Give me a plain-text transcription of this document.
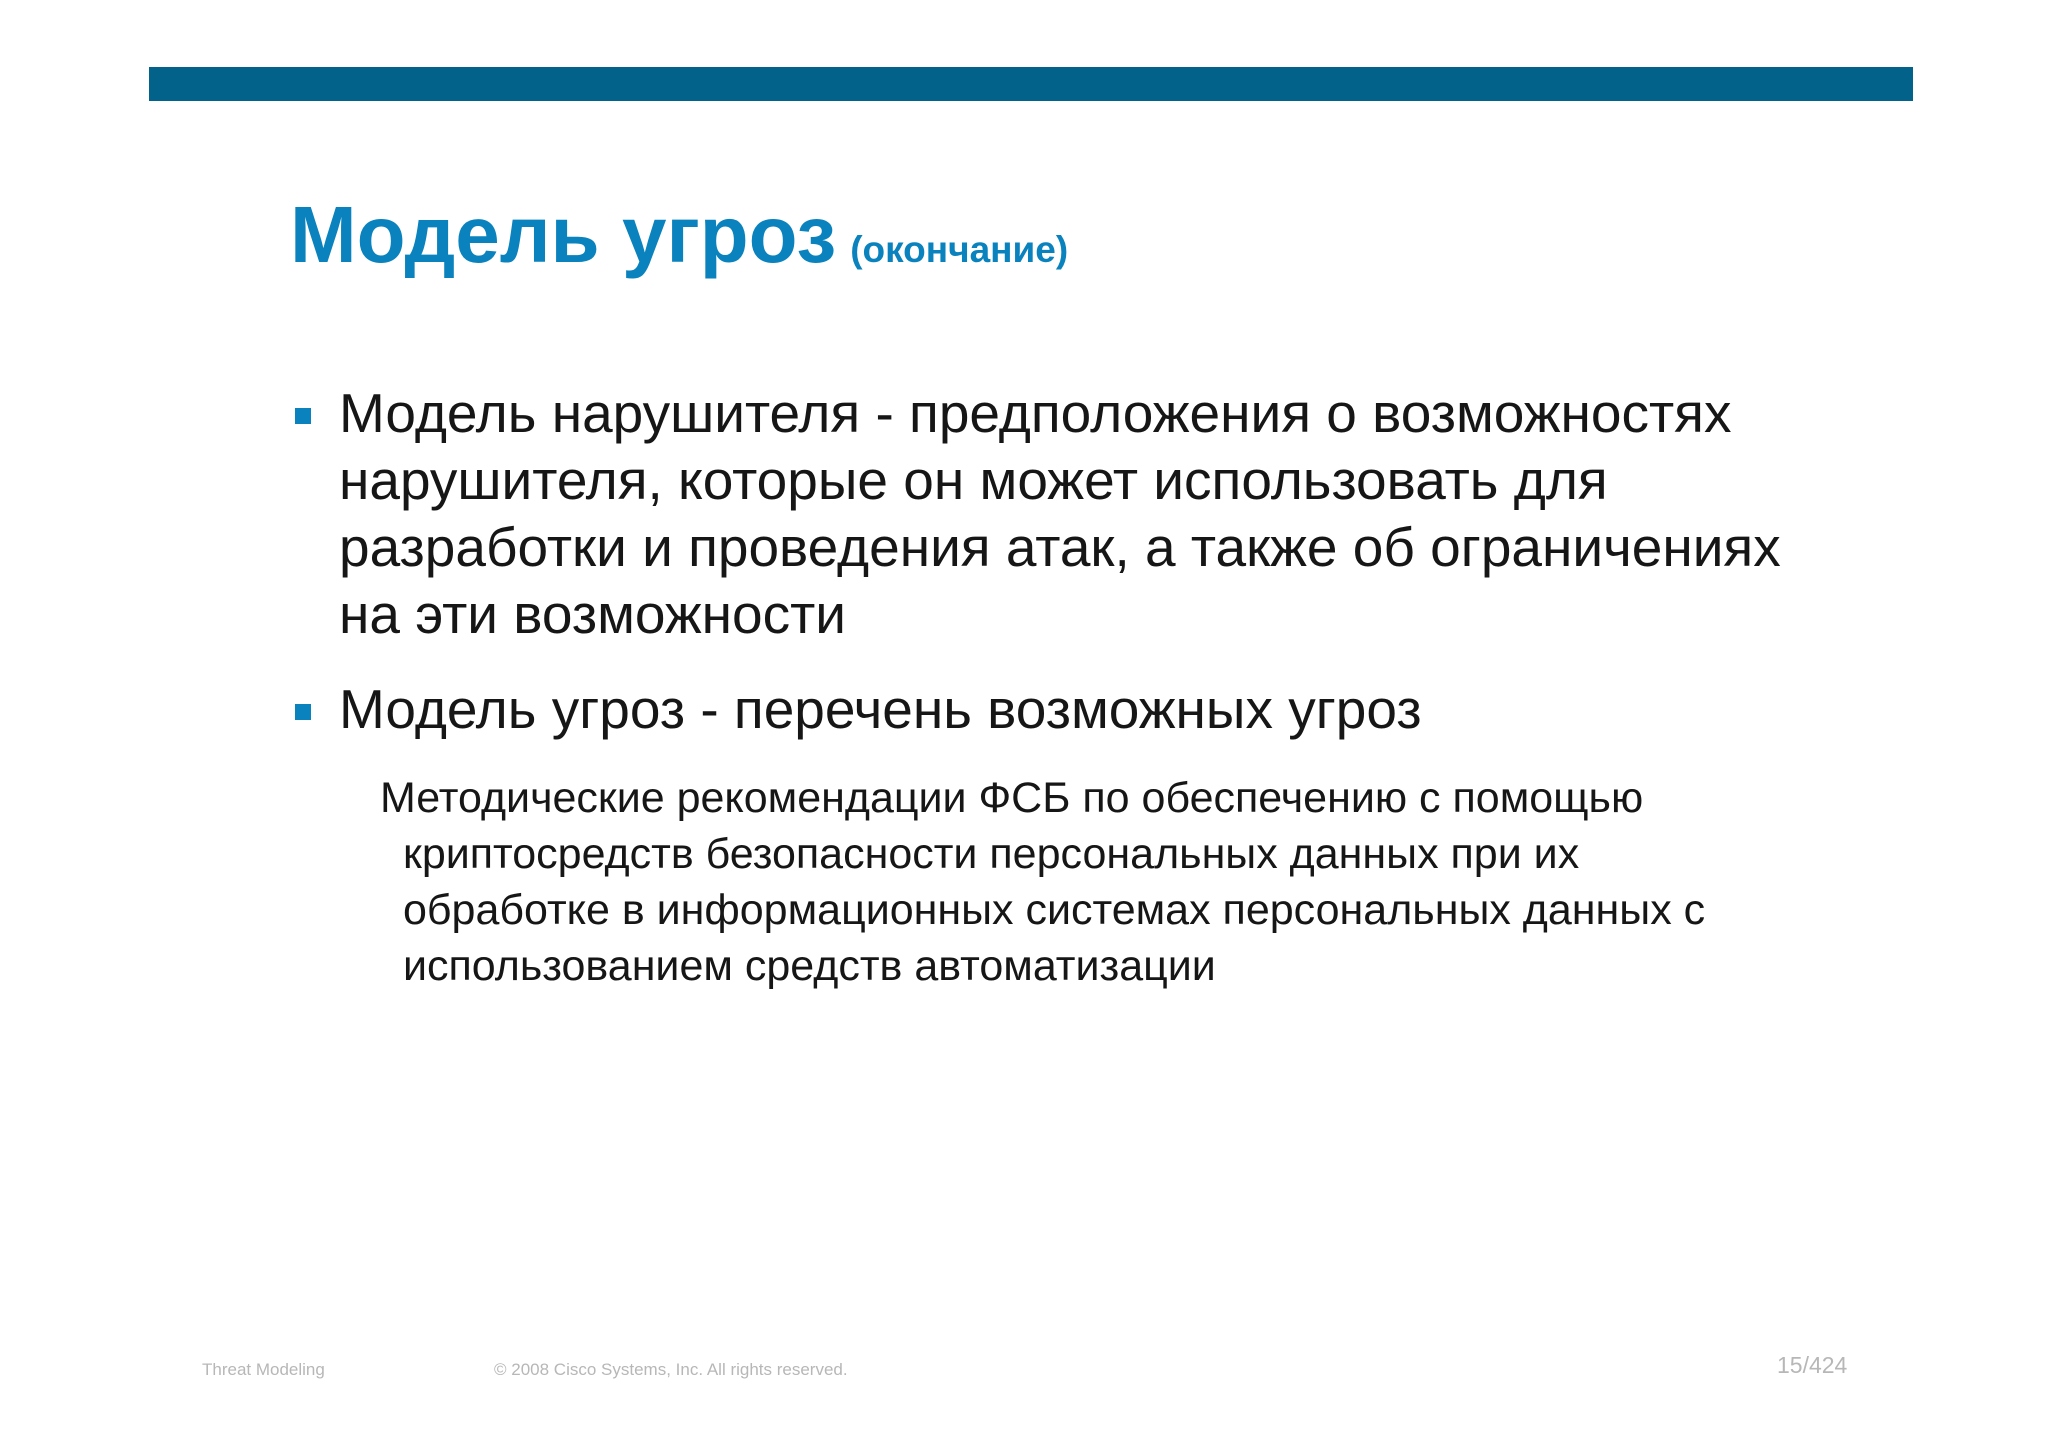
Модель угроз (окончание)
Модель нарушителя - предположения о возможностях нарушителя, которые он может использовать для разработки и проведения атак, а также об ограничениях на эти возможности
Модель угроз - перечень возможных угроз
Методические рекомендации ФСБ по обеспечению с помощью криптосредств безопасности персональных данных при их обработке в информационных системах персональных данных с использованием средств автоматизации
Threat Modeling	© 2008 Cisco Systems, Inc. All rights reserved.	15/424
